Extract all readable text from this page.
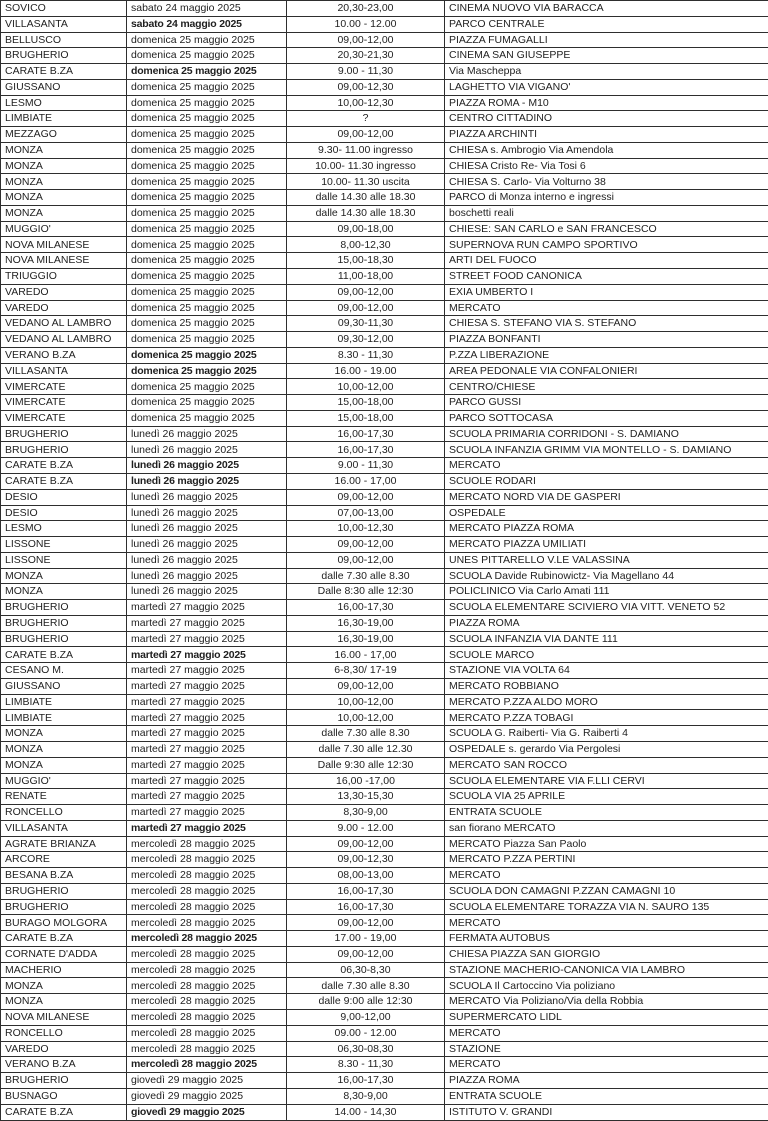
SOVICO	sabato 24 maggio 2025	20,30-23,00	CINEMA NUOVO VIA BARACCA
VILLASANTA	sabato 24 maggio 2025	10.00 - 12.00	PARCO CENTRALE
BELLUSCO	domenica 25 maggio 2025	09,00-12,00	PIAZZA FUMAGALLI
BRUGHERIO	domenica 25 maggio 2025	20,30-21,30	CINEMA SAN GIUSEPPE
CARATE B.ZA	domenica 25 maggio 2025	9.00 - 11,30	Via Mascheppa
GIUSSANO	domenica 25 maggio 2025	09,00-12,30	LAGHETTO VIA VIGANO'
LESMO	domenica 25 maggio 2025	10,00-12,30	PIAZZA ROMA - M10
LIMBIATE	domenica 25 maggio 2025	?	CENTRO CITTADINO
MEZZAGO	domenica 25 maggio 2025	09,00-12,00	PIAZZA ARCHINTI
MONZA	domenica 25 maggio 2025	9.30- 11.00 ingresso	CHIESA s. Ambrogio Via Amendola
MONZA	domenica 25 maggio 2025	10.00- 11.30 ingresso	CHIESA Cristo Re- Via Tosi 6
MONZA	domenica 25 maggio 2025	10.00- 11.30 uscita	CHIESA S. Carlo- Via Volturno 38
MONZA	domenica 25 maggio 2025	dalle 14.30 alle 18.30	PARCO di Monza interno e ingressi
MONZA	domenica 25 maggio 2025	dalle 14.30 alle 18.30	boschetti reali
MUGGIO'	domenica 25 maggio 2025	09,00-18,00	CHIESE: SAN CARLO e SAN FRANCESCO
NOVA MILANESE	domenica 25 maggio 2025	8,00-12,30	SUPERNOVA RUN CAMPO SPORTIVO
NOVA MILANESE	domenica 25 maggio 2025	15,00-18,30	ARTI DEL FUOCO
TRIUGGIO	domenica 25 maggio 2025	11,00-18,00	STREET FOOD CANONICA
VAREDO	domenica 25 maggio 2025	09,00-12,00	EXIA UMBERTO I
VAREDO	domenica 25 maggio 2025	09,00-12,00	MERCATO
VEDANO AL LAMBRO	domenica 25 maggio 2025	09,30-11,30	CHIESA S. STEFANO VIA S. STEFANO
VEDANO AL LAMBRO	domenica 25 maggio 2025	09,30-12,00	PIAZZA BONFANTI
VERANO B.ZA	domenica 25 maggio 2025	8.30 - 11,30	P.ZZA LIBERAZIONE
VILLASANTA	domenica 25 maggio 2025	16.00 - 19.00	AREA PEDONALE VIA CONFALONIERI
VIMERCATE	domenica 25 maggio 2025	10,00-12,00	CENTRO/CHIESE
VIMERCATE	domenica 25 maggio 2025	15,00-18,00	PARCO GUSSI
VIMERCATE	domenica 25 maggio 2025	15,00-18,00	PARCO SOTTOCASA
BRUGHERIO	lunedì 26 maggio 2025	16,00-17,30	SCUOLA PRIMARIA CORRIDONI - S. DAMIANO
BRUGHERIO	lunedì 26 maggio 2025	16,00-17,30	SCUOLA INFANZIA GRIMM VIA MONTELLO - S. DAMIANO
CARATE B.ZA	lunedì 26 maggio 2025	9.00 - 11,30	MERCATO
CARATE B.ZA	lunedì 26 maggio 2025	16.00 - 17,00	SCUOLE RODARI
DESIO	lunedì 26 maggio 2025	09,00-12,00	MERCATO NORD VIA DE GASPERI
DESIO	lunedì 26 maggio 2025	07,00-13,00	OSPEDALE
LESMO	lunedì 26 maggio 2025	10,00-12,30	MERCATO PIAZZA ROMA
LISSONE	lunedì 26 maggio 2025	09,00-12,00	MERCATO PIAZZA UMILIATI
LISSONE	lunedì 26 maggio 2025	09,00-12,00	UNES PITTARELLO V.LE VALASSINA
MONZA	lunedì 26 maggio 2025	dalle 7.30 alle 8.30	SCUOLA Davide Rubinowictz- Via Magellano 44
MONZA	lunedì 26 maggio 2025	Dalle 8:30 alle 12:30	POLICLINICO Via Carlo Amati 111
BRUGHERIO	martedì 27 maggio 2025	16,00-17,30	SCUOLA ELEMENTARE SCIVIERO VIA VITT. VENETO 52
BRUGHERIO	martedì 27 maggio 2025	16,30-19,00	PIAZZA ROMA
BRUGHERIO	martedì 27 maggio 2025	16,30-19,00	SCUOLA INFANZIA VIA DANTE 111
CARATE B.ZA	martedì 27 maggio 2025	16.00 - 17,00	SCUOLE MARCO
CESANO M.	martedì 27 maggio 2025	6-8,30/ 17-19	STAZIONE VIA VOLTA 64
GIUSSANO	martedì 27 maggio 2025	09,00-12,00	MERCATO ROBBIANO
LIMBIATE	martedì 27 maggio 2025	10,00-12,00	MERCATO P.ZZA ALDO MORO
LIMBIATE	martedì 27 maggio 2025	10,00-12,00	MERCATO P.ZZA TOBAGI
MONZA	martedì 27 maggio 2025	dalle 7.30 alle 8.30	SCUOLA G. Raiberti- Via G. Raiberti 4
MONZA	martedì 27 maggio 2025	dalle 7.30 alle 12.30	OSPEDALE s. gerardo Via Pergolesi
MONZA	martedì 27 maggio 2025	Dalle 9:30 alle 12:30	MERCATO SAN ROCCO
MUGGIO'	martedì 27 maggio 2025	16,00 -17,00	SCUOLA ELEMENTARE VIA F.LLI CERVI
RENATE	martedì 27 maggio 2025	13,30-15,30	SCUOLA VIA 25 APRILE
RONCELLO	martedì 27 maggio 2025	8,30-9,00	ENTRATA SCUOLE
VILLASANTA	martedì 27 maggio 2025	9.00 - 12.00	san fiorano MERCATO
AGRATE BRIANZA	mercoledì 28 maggio 2025	09,00-12,00	MERCATO Piazza San Paolo
ARCORE	mercoledì 28 maggio 2025	09,00-12,30	MERCATO P.ZZA PERTINI
BESANA B.ZA	mercoledì 28 maggio 2025	08,00-13,00	MERCATO
BRUGHERIO	mercoledì 28 maggio 2025	16,00-17,30	SCUOLA DON CAMAGNI P.ZZAN CAMAGNI 10
BRUGHERIO	mercoledì 28 maggio 2025	16,00-17,30	SCUOLA ELEMENTARE TORAZZA VIA N. SAURO 135
BURAGO MOLGORA	mercoledì 28 maggio 2025	09,00-12,00	MERCATO
CARATE B.ZA	mercoledì 28 maggio 2025	17.00 - 19,00	FERMATA AUTOBUS
CORNATE D'ADDA	mercoledì 28 maggio 2025	09,00-12,00	CHIESA PIAZZA SAN GIORGIO
MACHERIO	mercoledì 28 maggio 2025	06,30-8,30	STAZIONE MACHERIO-CANONICA VIA LAMBRO
MONZA	mercoledì 28 maggio 2025	dalle 7.30 alle 8.30	SCUOLA Il Cartoccino Via poliziano
MONZA	mercoledì 28 maggio 2025	dalle 9:00 alle 12:30	MERCATO Via Poliziano/Via della Robbia
NOVA MILANESE	mercoledì 28 maggio 2025	9,00-12,00	SUPERMERCATO LIDL
RONCELLO	mercoledì 28 maggio 2025	09.00 - 12.00	MERCATO
VAREDO	mercoledì 28 maggio 2025	06,30-08,30	STAZIONE
VERANO B.ZA	mercoledì 28 maggio 2025	8.30 - 11,30	MERCATO
BRUGHERIO	giovedì 29 maggio 2025	16,00-17,30	PIAZZA ROMA
BUSNAGO	giovedì 29 maggio 2025	8,30-9,00	ENTRATA SCUOLE
CARATE B.ZA	giovedì 29 maggio 2025	14.00 - 14,30	ISTITUTO V. GRANDI
